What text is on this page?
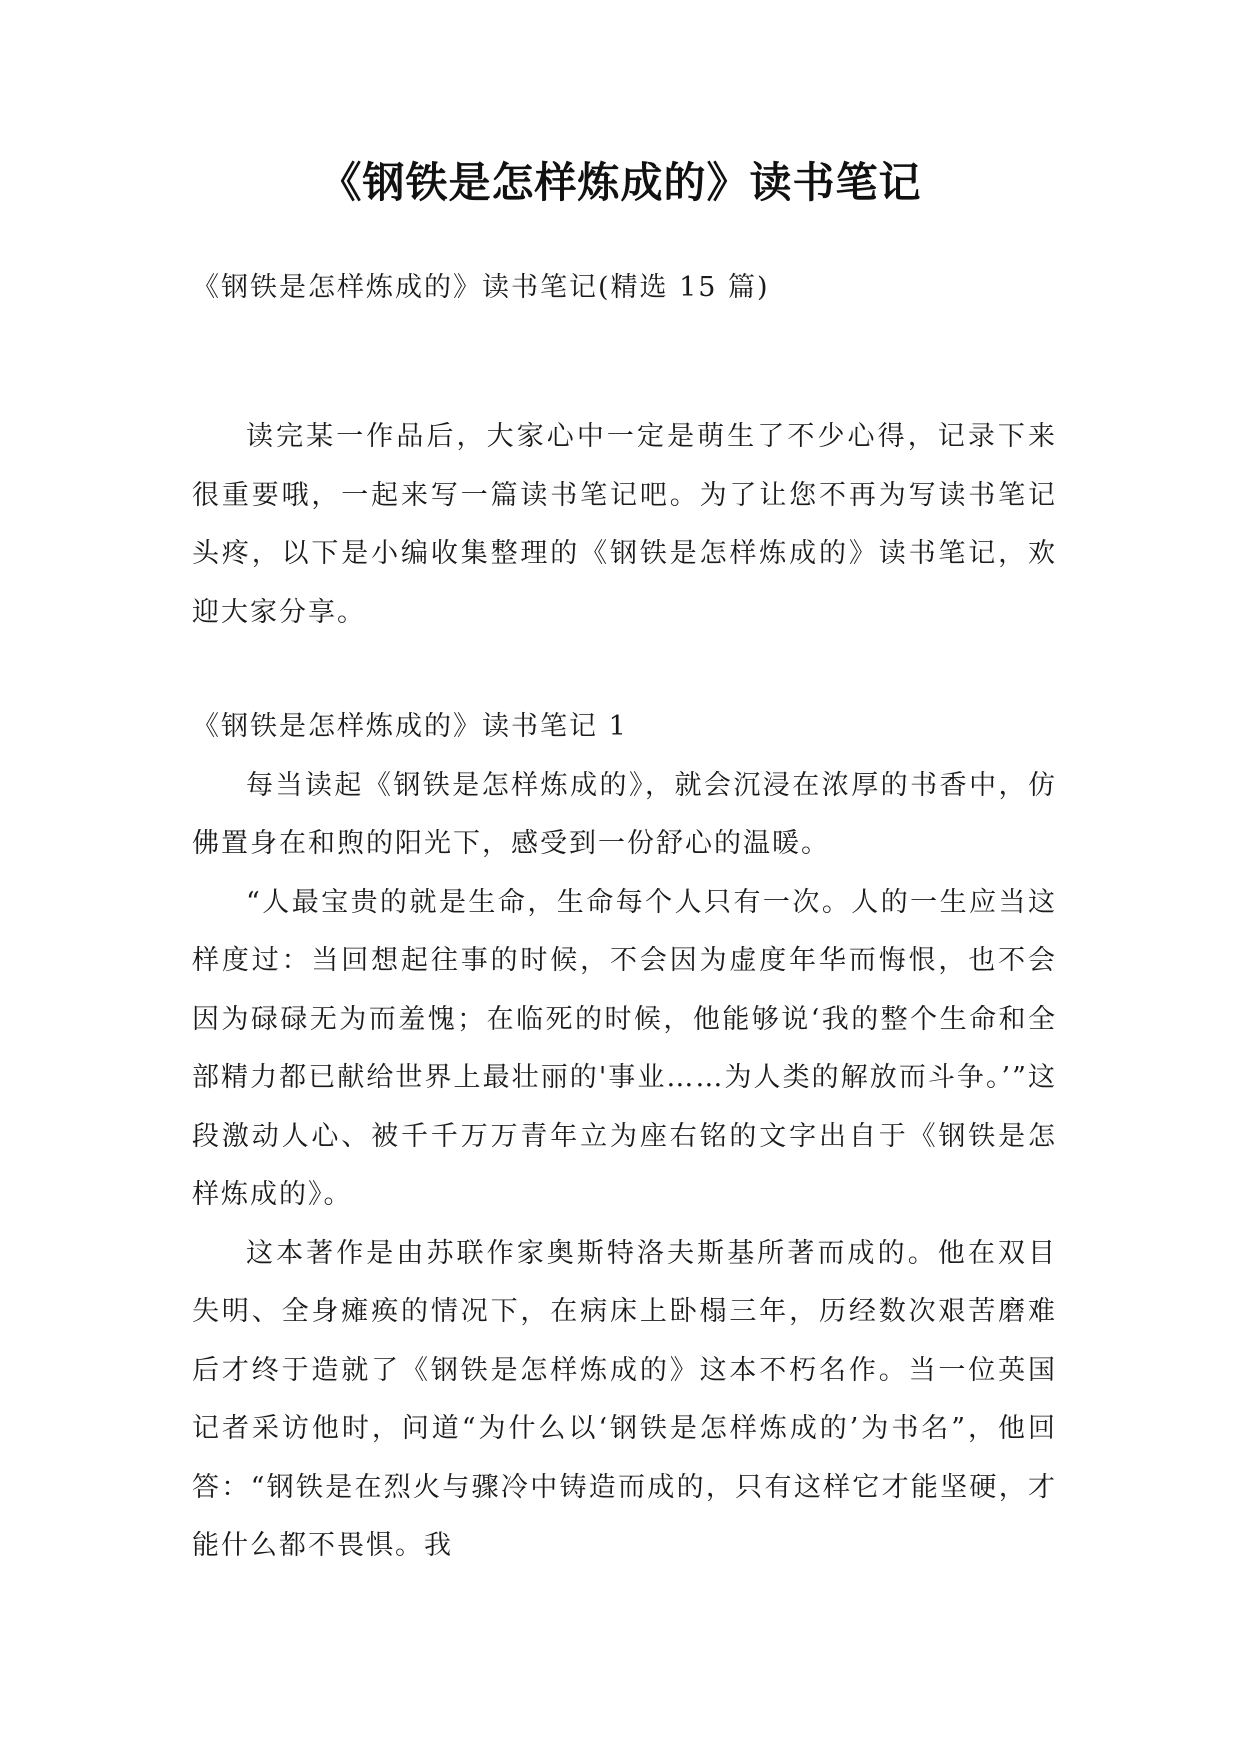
《钢铁是怎样炼成的》读书笔记
《钢铁是怎样炼成的》读书笔记(精选 15 篇)

读完某一作品后，大家心中一定是萌生了不少心得，记录下来很重要哦，一起来写一篇读书笔记吧。为了让您不再为写读书笔记头疼，以下是小编收集整理的《钢铁是怎样炼成的》读书笔记，欢迎大家分享。

《钢铁是怎样炼成的》读书笔记 1

每当读起《钢铁是怎样炼成的》，就会沉浸在浓厚的书香中，仿佛置身在和煦的阳光下，感受到一份舒心的温暖。

“人最宝贵的就是生命，生命每个人只有一次。人的一生应当这样度过：当回想起往事的时候，不会因为虚度年华而悔恨，也不会因为碌碌无为而羞愧；在临死的时候，他能够说‘我的整个生命和全部精力都已献给世界上最壮丽的'事业……为人类的解放而斗争。’”这段激动人心、被千千万万青年立为座右铭的文字出自于《钢铁是怎样炼成的》。

这本著作是由苏联作家奥斯特洛夫斯基所著而成的。他在双目失明、全身瘫痪的情况下，在病床上卧榻三年，历经数次艰苦磨难后才终于造就了《钢铁是怎样炼成的》这本不朽名作。当一位英国记者采访他时，问道“为什么以‘钢铁是怎样炼成的’为书名”，他回答：“钢铁是在烈火与骤冷中铸造而成的，只有这样它才能坚硬，才能什么都不畏惧。我
